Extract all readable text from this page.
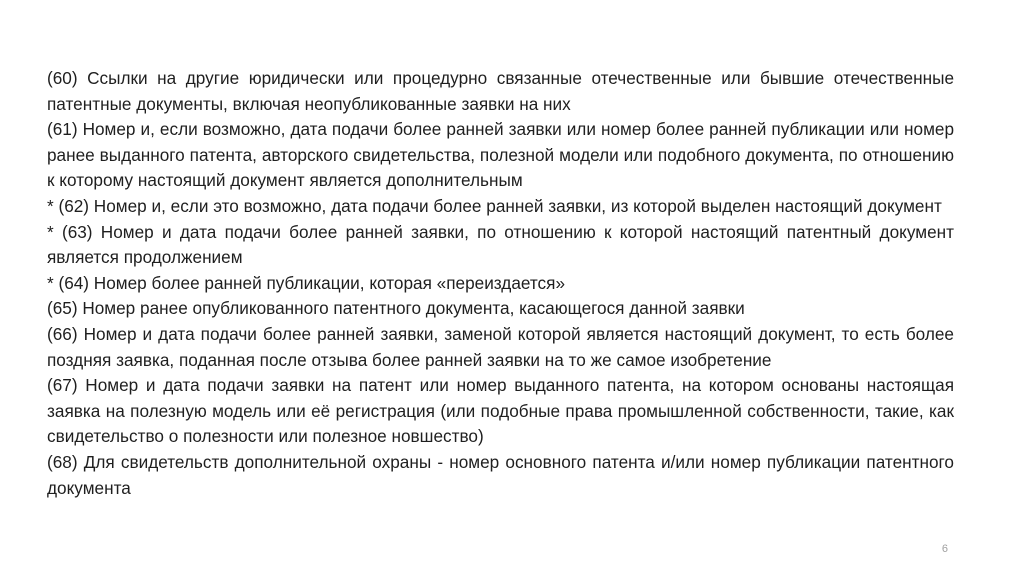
(60) Ссылки на другие юридически или процедурно связанные отечественные или бывшие отечественные патентные документы, включая неопубликованные заявки на них

(61) Номер и, если возможно, дата подачи более ранней заявки или номер более ранней публикации или номер ранее выданного патента, авторского свидетельства, полезной модели или подобного документа, по отношению к которому настоящий документ является дополнительным

* (62) Номер и, если это возможно, дата подачи более ранней заявки, из которой выделен настоящий документ

* (63) Номер и дата подачи более ранней заявки, по отношению к которой настоящий патентный документ является продолжением

* (64) Номер более ранней публикации, которая «переиздается»

(65) Номер ранее опубликованного патентного документа, касающегося данной заявки

(66) Номер и дата подачи более ранней заявки, заменой которой является настоящий документ, то есть более поздняя заявка, поданная после отзыва более ранней заявки на то же самое изобретение

(67) Номер и дата подачи заявки на патент или номер выданного патента, на котором основаны настоящая заявка на полезную модель или её регистрация (или подобные права промышленной собственности, такие, как свидетельство о полезности или полезное новшество)

(68) Для свидетельств дополнительной охраны - номер основного патента и/или номер публикации патентного документа

6
